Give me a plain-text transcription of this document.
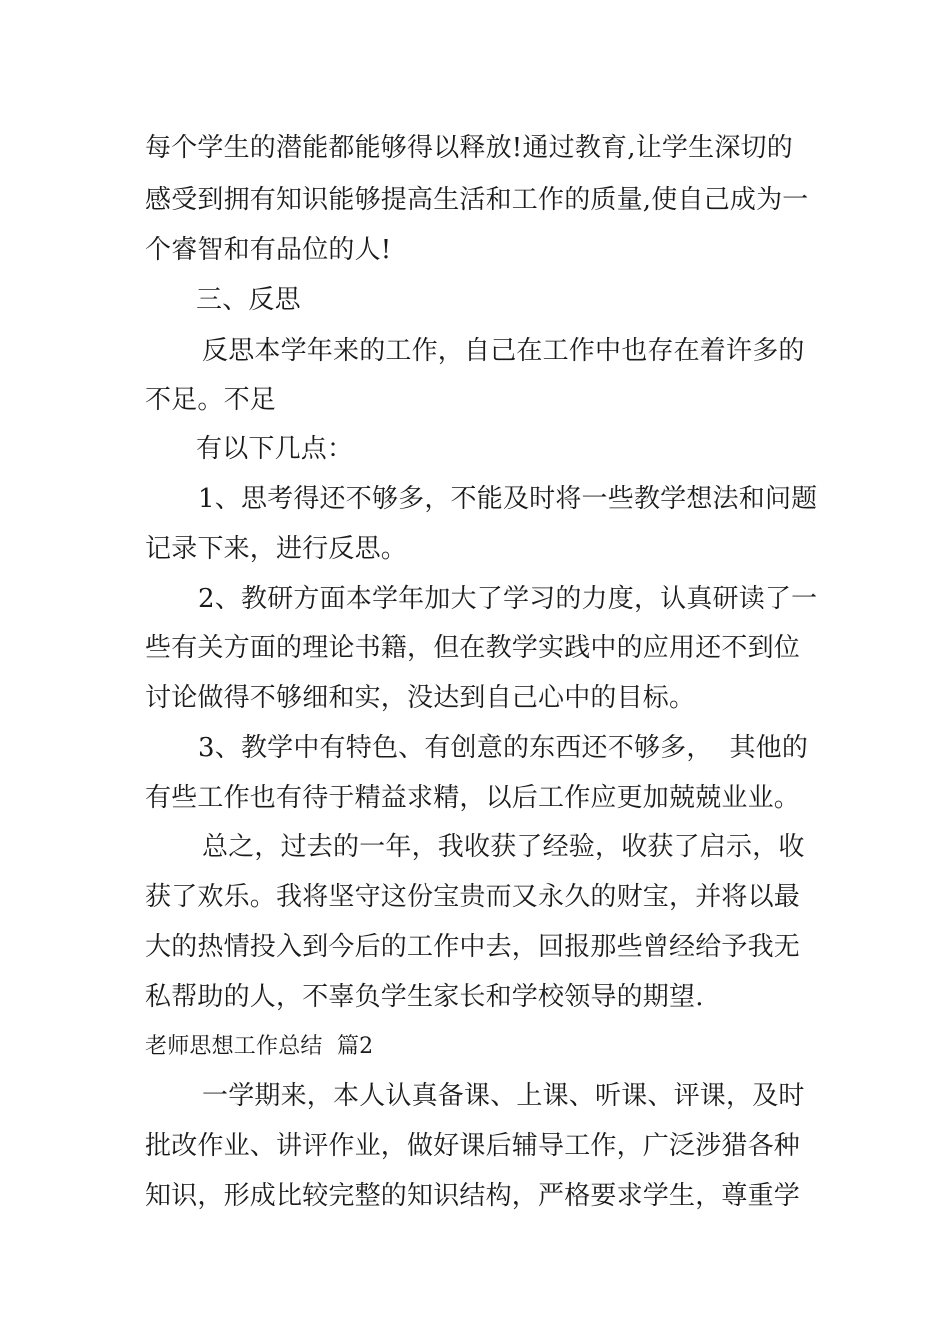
每个学生的潜能都能够得以释放!通过教育,让学生深切的
感受到拥有知识能够提高生活和工作的质量,使自己成为一
个睿智和有品位的人!
三、反思
反思本学年来的工作，自己在工作中也存在着许多的
不足。不足
有以下几点：
1、思考得还不够多，不能及时将一些教学想法和问题
记录下来，进行反思。
2、教研方面本学年加大了学习的力度，认真研读了一
些有关方面的理论书籍，但在教学实践中的应用还不到位
讨论做得不够细和实，没达到自己心中的目标。
3、教学中有特色、有创意的东西还不够多，  其他的
有些工作也有待于精益求精，以后工作应更加兢兢业业。
总之，过去的一年，我收获了经验，收获了启示，收
获了欢乐。我将坚守这份宝贵而又永久的财宝，并将以最
大的热情投入到今后的工作中去，回报那些曾经给予我无
私帮助的人，不辜负学生家长和学校领导的期望.
老师思想工作总结  篇2
一学期来，本人认真备课、上课、听课、评课，及时
批改作业、讲评作业，做好课后辅导工作，广泛涉猎各种
知识，形成比较完整的知识结构，严格要求学生，尊重学
